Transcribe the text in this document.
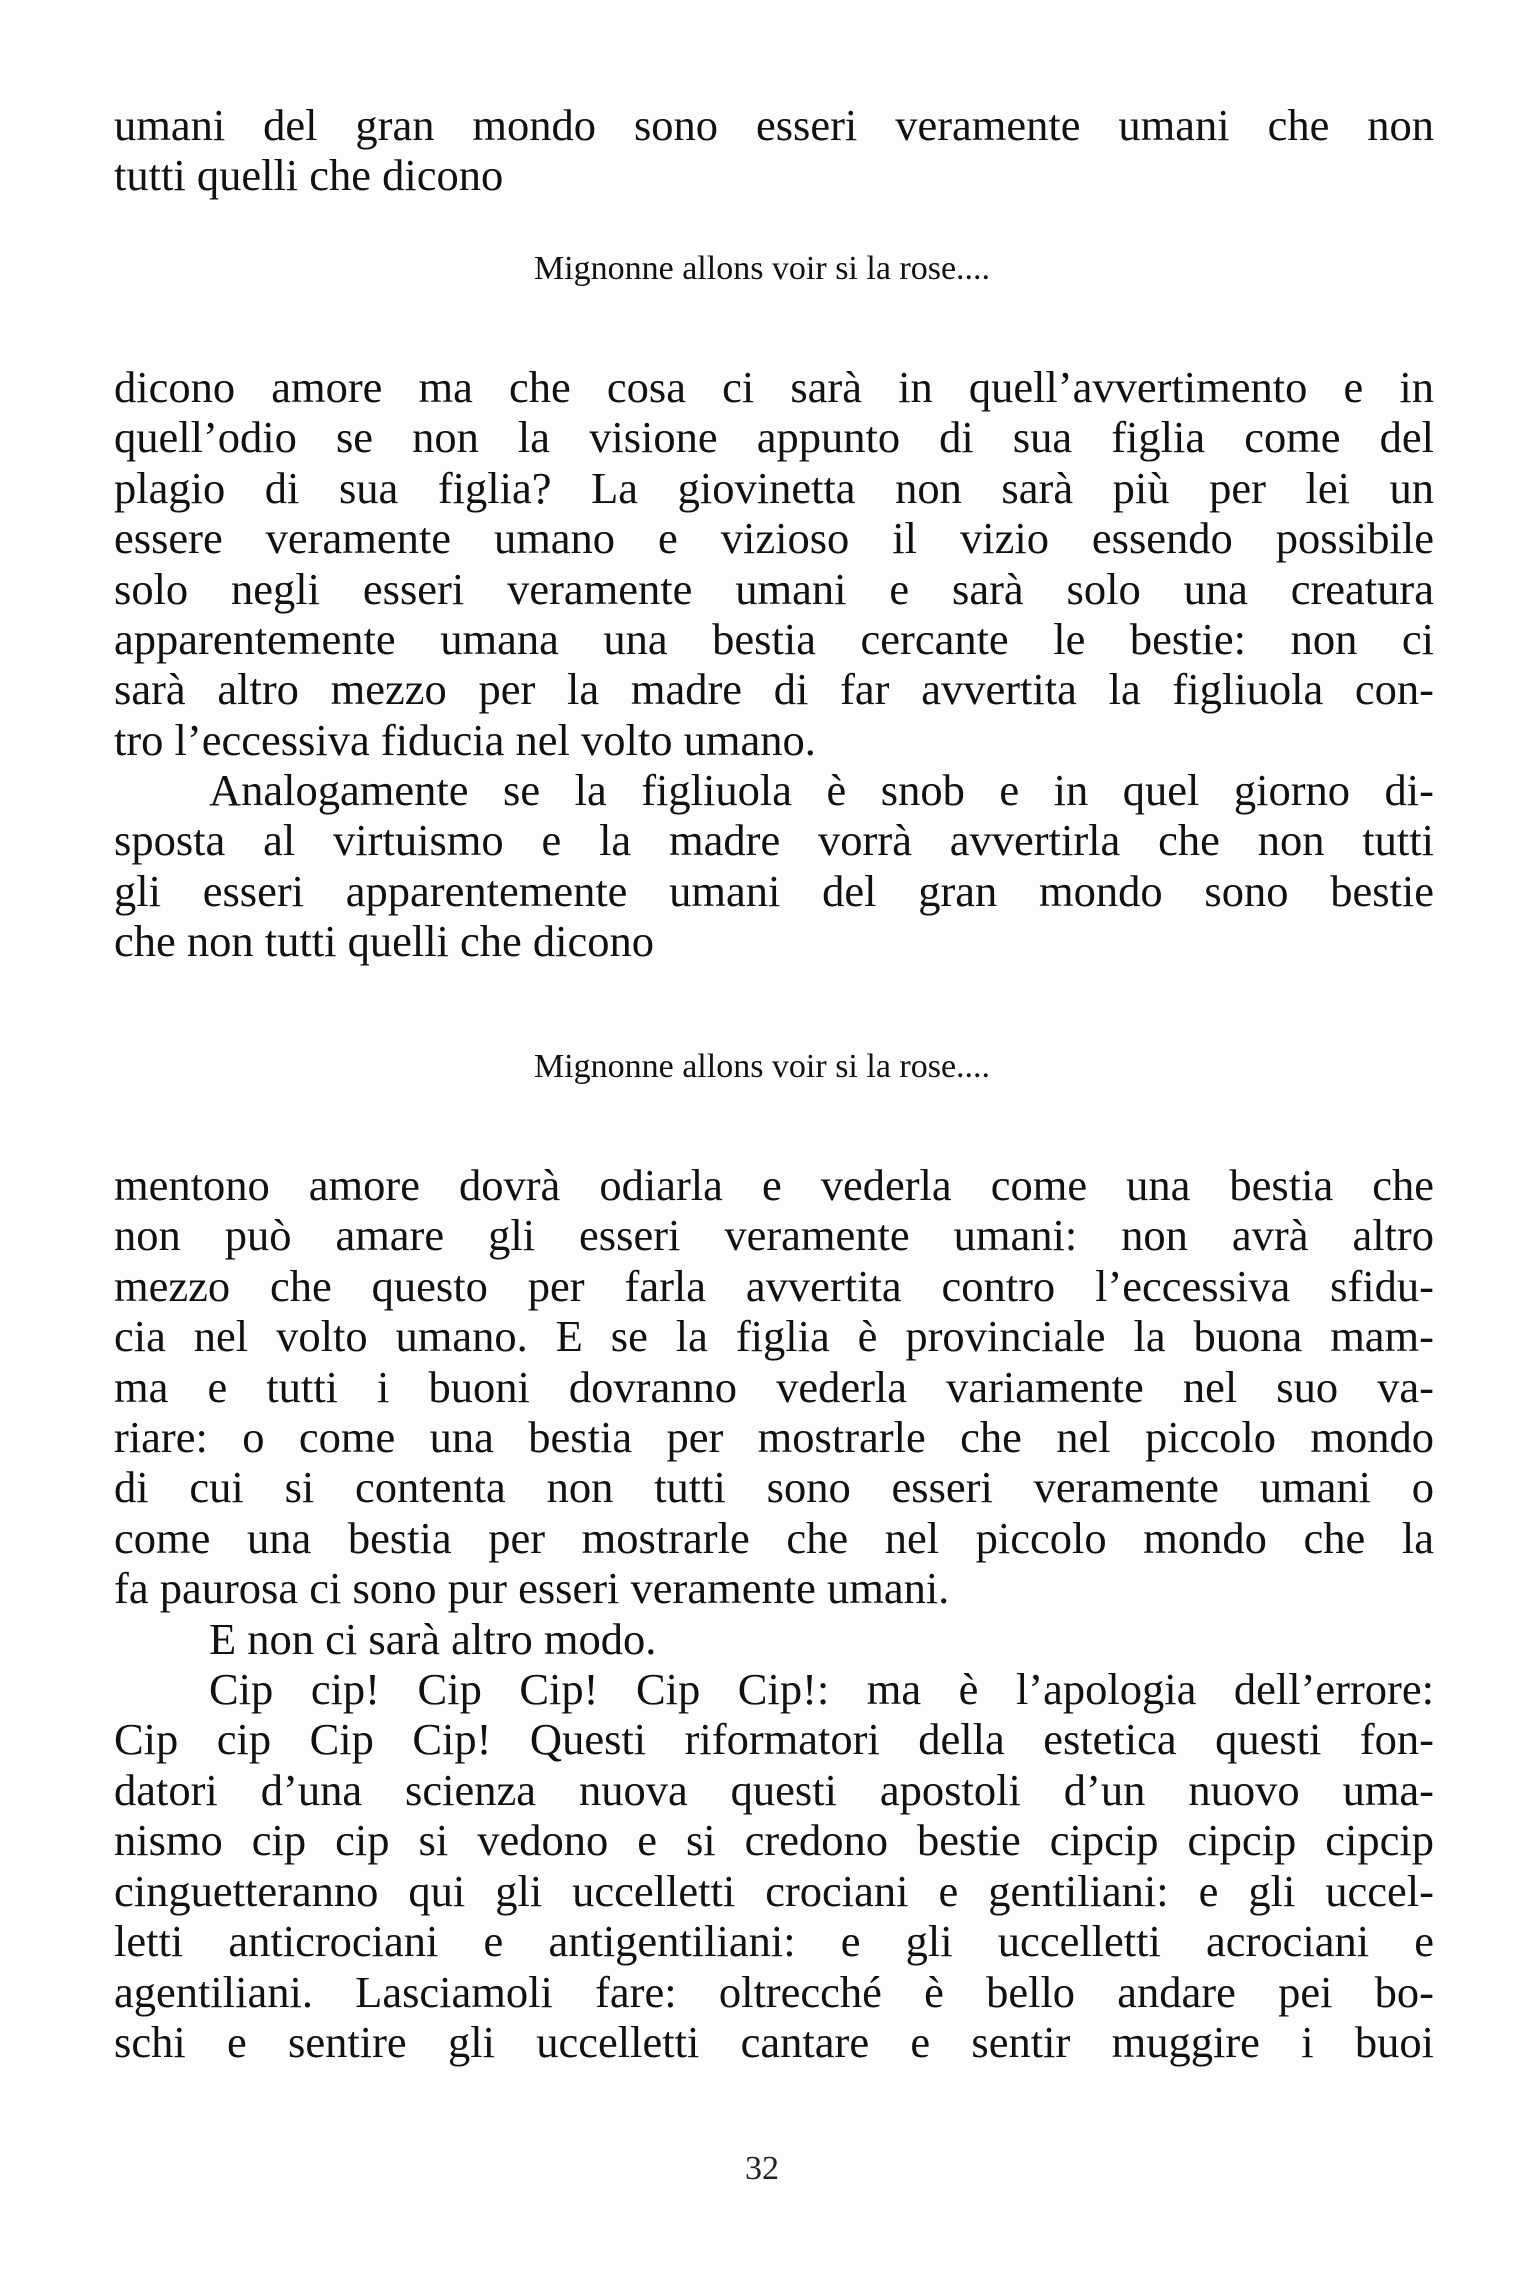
umani del gran mondo sono esseri veramente umani che non
tutti quelli che dicono
Mignonne allons voir si la rose....
dicono amore ma che cosa ci sarà in quell’avvertimento e in
quell’odio se non la visione appunto di sua figlia come del
plagio di sua figlia? La giovinetta non sarà più per lei un
essere veramente umano e vizioso il vizio essendo possibile
solo negli esseri veramente umani e sarà solo una creatura
apparentemente umana una bestia cercante le bestie: non ci
sarà altro mezzo per la madre di far avvertita la figliuola con-
tro l’eccessiva fiducia nel volto umano.
Analogamente se la figliuola è snob e in quel giorno di-
sposta al virtuismo e la madre vorrà avvertirla che non tutti
gli esseri apparentemente umani del gran mondo sono bestie
che non tutti quelli che dicono
Mignonne allons voir si la rose....
mentono amore dovrà odiarla e vederla come una bestia che
non può amare gli esseri veramente umani: non avrà altro
mezzo che questo per farla avvertita contro l’eccessiva sfidu-
cia nel volto umano. E se la figlia è provinciale la buona mam-
ma e tutti i buoni dovranno vederla variamente nel suo va-
riare: o come una bestia per mostrarle che nel piccolo mondo
di cui si contenta non tutti sono esseri veramente umani o
come una bestia per mostrarle che nel piccolo mondo che la
fa paurosa ci sono pur esseri veramente umani.
E non ci sarà altro modo.
Cip cip! Cip Cip! Cip Cip!: ma è l’apologia dell’errore:
Cip cip Cip Cip! Questi riformatori della estetica questi fon-
datori d’una scienza nuova questi apostoli d’un nuovo uma-
nismo cip cip si vedono e si credono bestie cipcip cipcip cipcip
cinguetteranno qui gli uccelletti crociani e gentiliani: e gli uccel-
letti anticrociani e antigentiliani: e gli uccelletti acrociani e
agentiliani. Lasciamoli fare: oltrecché è bello andare pei bo-
schi e sentire gli uccelletti cantare e sentir muggire i buoi
32
